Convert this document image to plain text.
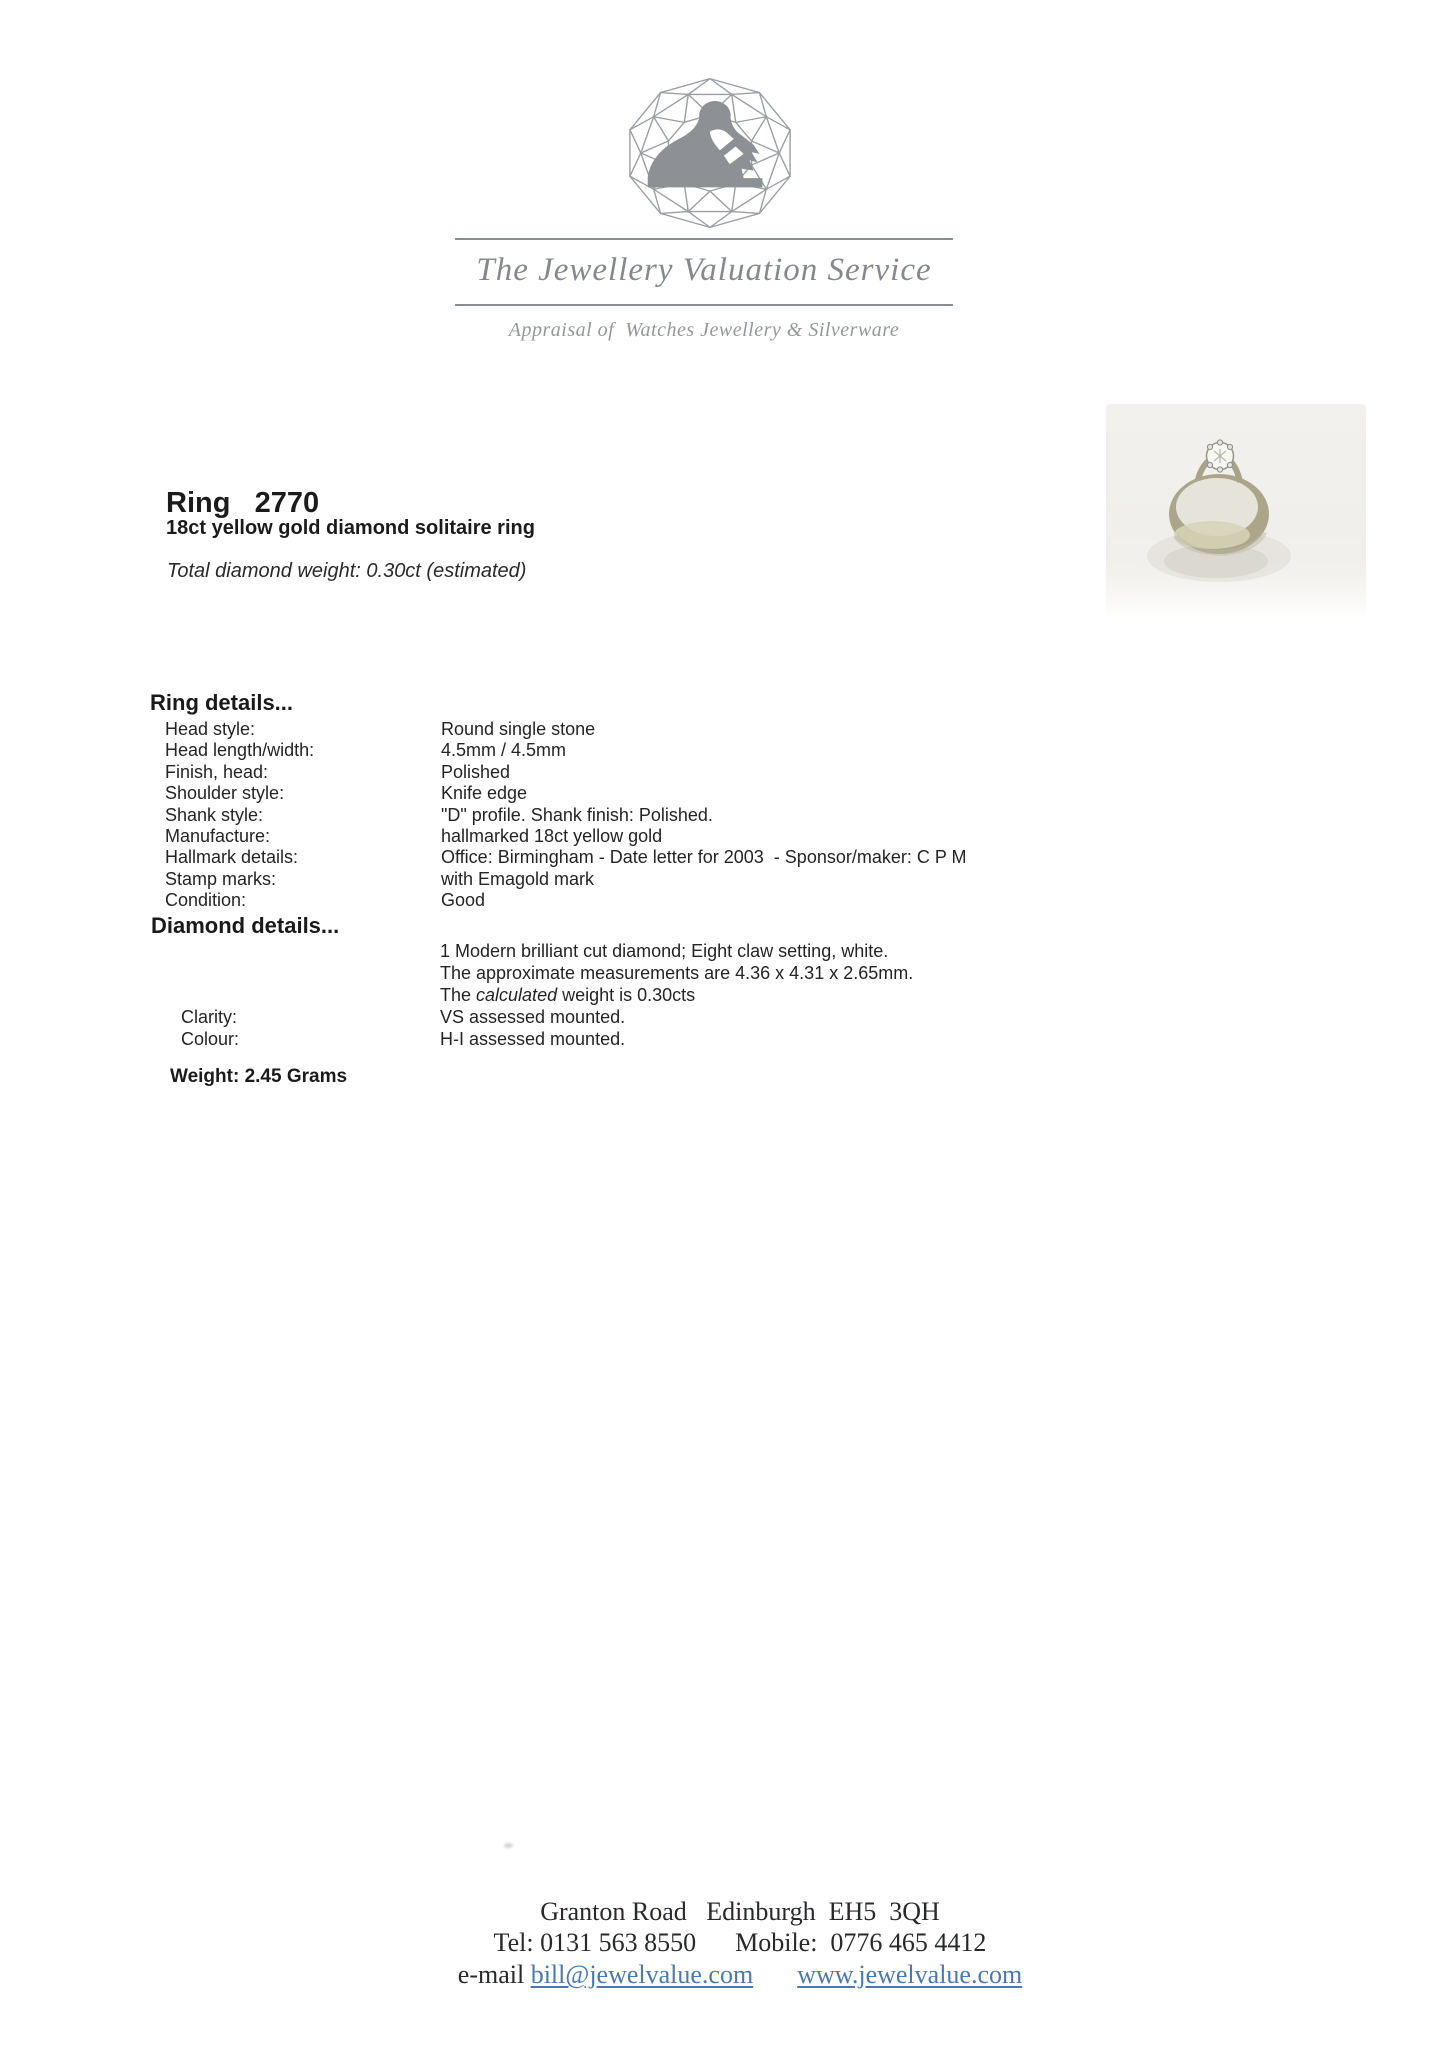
The Jewellery Valuation Service
Appraisal of  Watches Jewellery & Silverware
Ring   2770
18ct yellow gold diamond solitaire ring
Total diamond weight: 0.30ct (estimated)
Ring details...
Head style:	Round single stone
Head length/width:	4.5mm / 4.5mm
Finish, head:	Polished
Shoulder style:	Knife edge
Shank style:	"D" profile. Shank finish: Polished.
Manufacture:	hallmarked 18ct yellow gold
Hallmark details:	Office: Birmingham - Date letter for 2003  - Sponsor/maker: C P M
Stamp marks:	with Emagold mark
Condition:	Good
Diamond details...
1 Modern brilliant cut diamond; Eight claw setting, white.
The approximate measurements are 4.36 x 4.31 x 2.65mm.
The calculated weight is 0.30cts
Clarity:	VS assessed mounted.
Colour:	H-I assessed mounted.
Weight: 2.45 Grams
Granton Road   Edinburgh  EH5  3QH
Tel: 0131 563 8550      Mobile:  0776 465 4412
e-mail bill@jewelvalue.com www.jewelvalue.com
